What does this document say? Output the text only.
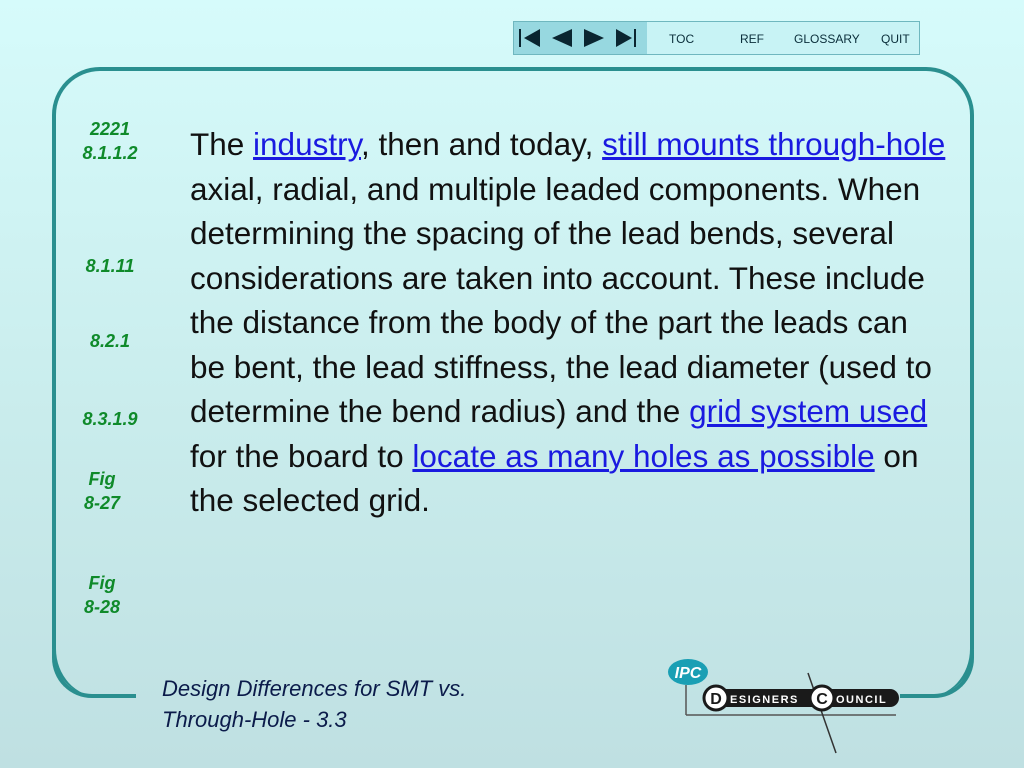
TOC	REF	GLOSSARY QUIT
2221
8.1.1.2
8.1.11
8.2.1
8.3.1.9
Fig
8-27
Fig
8-28
The industry, then and today, still mounts through-hole axial, radial, and multiple leaded components. When determining the spacing of the lead bends, several considerations are taken into account. These include the distance from the body of the part the leads can be bent, the lead stiffness, the lead diameter (used to determine the bend radius) and the grid system used for the board to locate as many holes as possible on the selected grid.
Design Differences for SMT vs.
Through-Hole - 3.3
IPC
D ESIGNERS C OUNCIL
